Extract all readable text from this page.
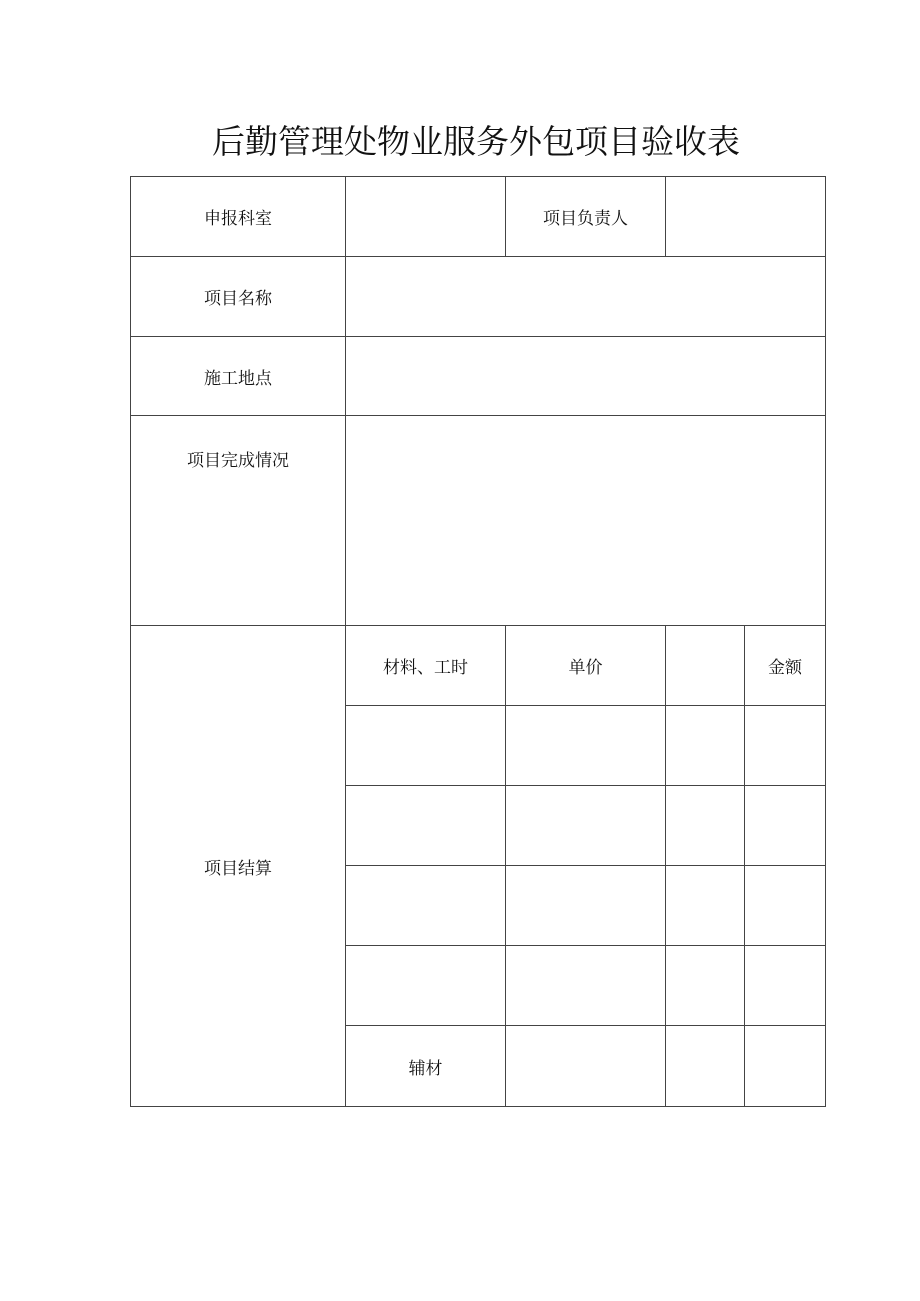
后勤管理处物业服务外包项目验收表
申报科室		项目负责人		
项目名称				
施工地点				

项目完成情况				

项目结算	材料、工时	单价		金额

	辅材			
